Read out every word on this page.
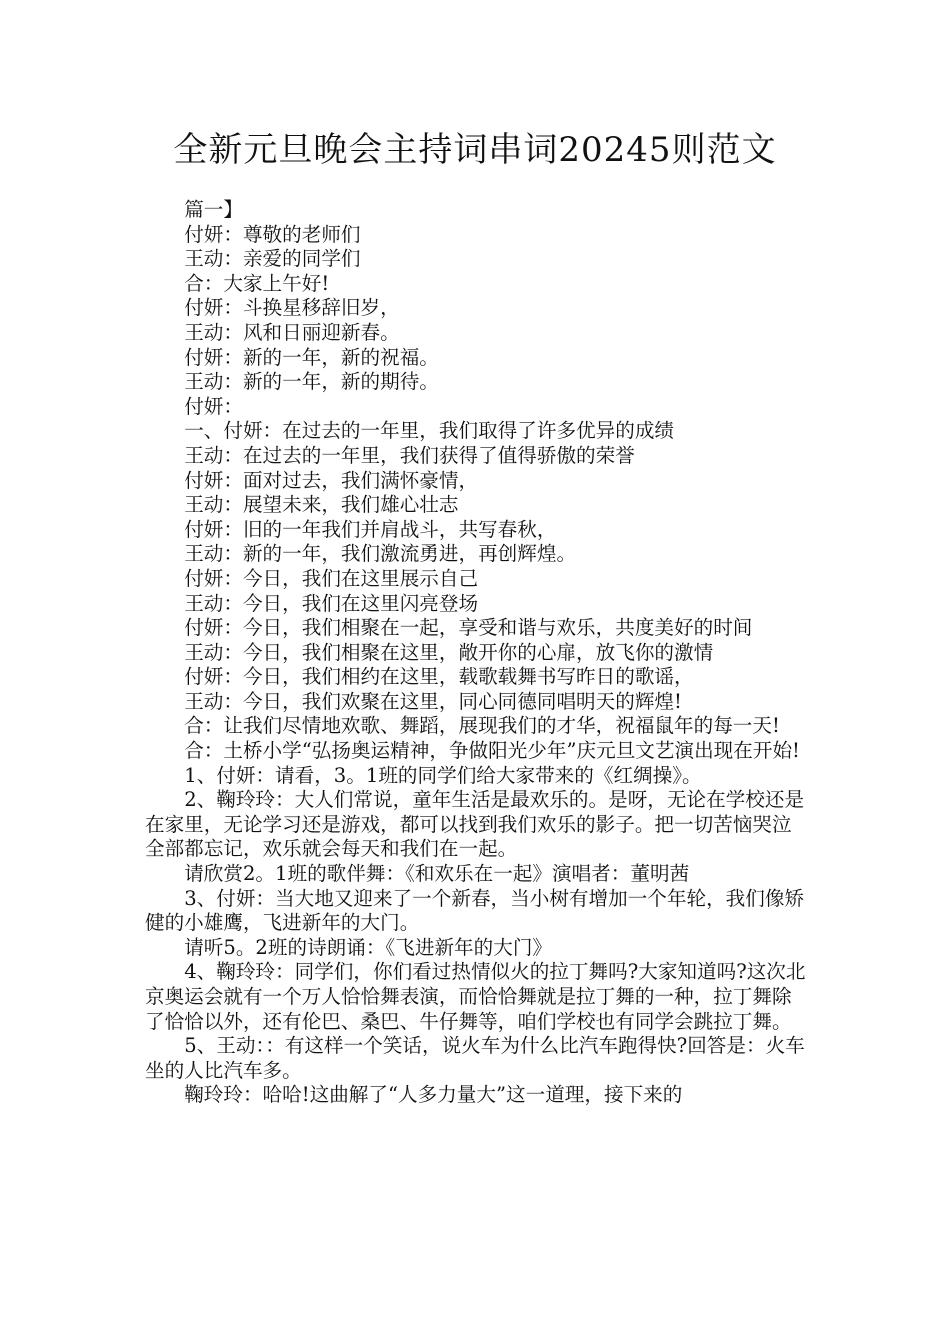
全新元旦晚会主持词串词20245则范文

篇一】

付妍：尊敬的老师们

王动：亲爱的同学们

合：大家上午好!

付妍：斗换星移辞旧岁，

王动：风和日丽迎新春。

付妍：新的一年，新的祝福。

王动：新的一年，新的期待。

付妍：

一、付妍：在过去的一年里，我们取得了许多优异的成绩

王动：在过去的一年里，我们获得了值得骄傲的荣誉

付妍：面对过去，我们满怀豪情，

王动：展望未来，我们雄心壮志

付妍：旧的一年我们并肩战斗，共写春秋，

王动：新的一年，我们激流勇进，再创辉煌。

付妍：今日，我们在这里展示自己

王动：今日，我们在这里闪亮登场

付妍：今日，我们相聚在一起，享受和谐与欢乐，共度美好的时间

王动：今日，我们相聚在这里，敞开你的心扉，放飞你的激情

付妍：今日，我们相约在这里，载歌载舞书写昨日的歌谣，

王动：今日，我们欢聚在这里，同心同德同唱明天的辉煌!

合：让我们尽情地欢歌、舞蹈，展现我们的才华，祝福鼠年的每一天!

合：土桥小学“弘扬奥运精神，争做阳光少年”庆元旦文艺演出现在开始!

1、付妍：请看，3。1班的同学们给大家带来的《红绸操》。

2、鞠玲玲：大人们常说，童年生活是最欢乐的。是呀，无论在学校还是在家里，无论学习还是游戏，都可以找到我们欢乐的影子。把一切苦恼哭泣全部都忘记，欢乐就会每天和我们在一起。

请欣赏2。1班的歌伴舞：《和欢乐在一起》演唱者：董明茜

3、付妍：当大地又迎来了一个新春，当小树有增加一个年轮，我们像矫健的小雄鹰，飞进新年的大门。

请听5。2班的诗朗诵：《飞进新年的大门》

4、鞠玲玲：同学们，你们看过热情似火的拉丁舞吗?大家知道吗?这次北京奥运会就有一个万人恰恰舞表演，而恰恰舞就是拉丁舞的一种，拉丁舞除了恰恰以外，还有伦巴、桑巴、牛仔舞等，咱们学校也有同学会跳拉丁舞。

5、王动：：有这样一个笑话，说火车为什么比汽车跑得快?回答是：火车坐的人比汽车多。

鞠玲玲：哈哈!这曲解了“人多力量大”这一道理，接下来的
